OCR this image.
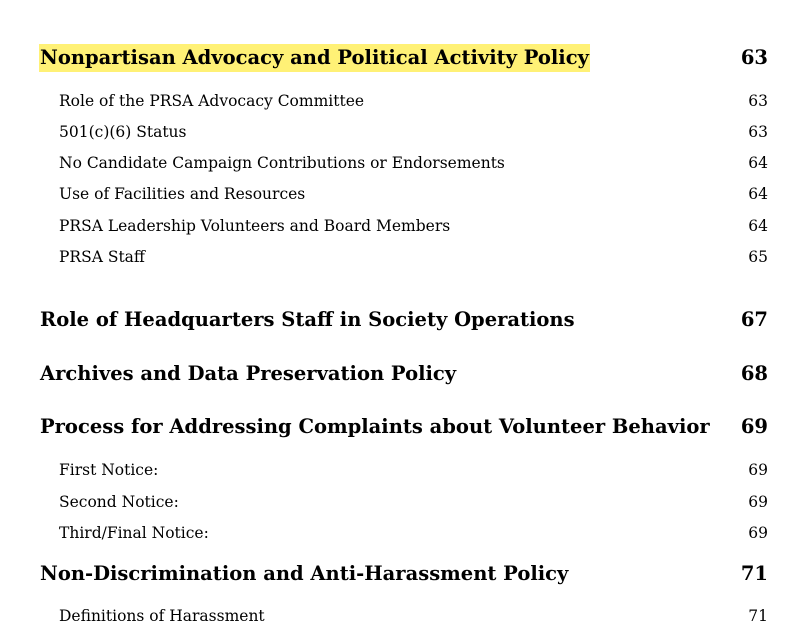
Nonpartisan Advocacy and Political Activity Policy	63
Role of the PRSA Advocacy Committee	63
501(c)(6) Status	63
No Candidate Campaign Contributions or Endorsements	64
Use of Facilities and Resources	64
PRSA Leadership Volunteers and Board Members	64
PRSA Staff	65
Role of Headquarters Staff in Society Operations	67
Archives and Data Preservation Policy	68
Process for Addressing Complaints about Volunteer Behavior 69
First Notice:	69
Second Notice:	69
Third/Final Notice:	69
Non-Discrimination and Anti-Harassment Policy	71
Definitions of Harassment	71
